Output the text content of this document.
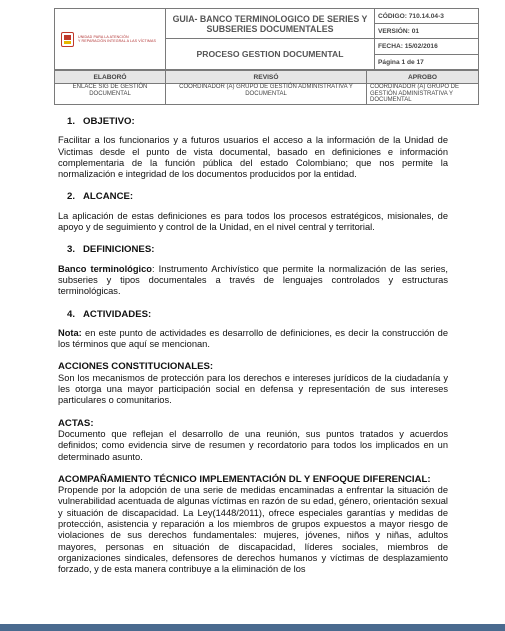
UNIDAD PARA LA ATENCIÓN
Y REPARACIÓN INTEGRAL A LAS VÍCTIMAS	GUIA- BANCO TERMINOLOGICO DE SERIES Y SUBSERIES DOCUMENTALES	CÓDIGO: 710.14.04-3
		VERSIÓN: 01
	PROCESO GESTION DOCUMENTAL	FECHA: 15/02/2016
		Página 1 de 17
ELABORÓ	REVISÓ	APROBO
ENLACE SIG DE GESTIÓN DOCUMENTAL	COORDINADOR (A) GRUPO DE GESTIÓN ADMINISTRATIVA Y DOCUMENTAL	COORDINADOR (A) GRUPO DE GESTIÓN ADMINISTRATIVA Y DOCUMENTAL
1. OBJETIVO:

Facilitar a los funcionarios y a futuros usuarios el acceso a la información de la Unidad de Victimas desde el punto de vista documental, basado en definiciones e información complementaria de la función pública del estado Colombiano; que nos permite la normalización e integridad de los documentos producidos por la entidad.

2. ALCANCE:

La aplicación de estas definiciones es para todos los procesos estratégicos, misionales, de apoyo y de seguimiento y control de la Unidad, en el nivel central y territorial.

3. DEFINICIONES:

Banco terminológico: Instrumento Archivístico que permite la normalización de las series, subseries y tipos documentales a través de lenguajes controlados y estructuras terminológicas.

4. ACTIVIDADES:

Nota: en este punto de actividades es desarrollo de definiciones, es decir la construcción de los términos que aquí se mencionan.

ACCIONES CONSTITUCIONALES:

Son los mecanismos de protección para los derechos e intereses jurídicos de la ciudadanía y les otorga una mayor participación social en defensa y representación de sus intereses particulares o comunitarios.

ACTAS:

Documento que reflejan el desarrollo de una reunión, sus puntos tratados y acuerdos definidos; como evidencia sirve de resumen y recordatorio para todos los implicados en un determinado asunto.

ACOMPAÑAMIENTO TÉCNICO IMPLEMENTACIÓN DL Y ENFOQUE DIFERENCIAL:

Propende por la adopción de una serie de medidas encaminadas a enfrentar la situación de vulnerabilidad acentuada de algunas víctimas en razón de su edad, género, orientación sexual y situación de discapacidad. La Ley(1448/2011), ofrece especiales garantías y medidas de protección, asistencia y reparación a los miembros de grupos expuestos a mayor riesgo de violaciones de sus derechos fundamentales: mujeres, jóvenes, niños y niñas, adultos mayores, personas en situación de discapacidad, líderes sociales, miembros de organizaciones sindicales, defensores de derechos humanos y víctimas de desplazamiento forzado, y de esta manera contribuye a la eliminación de los
